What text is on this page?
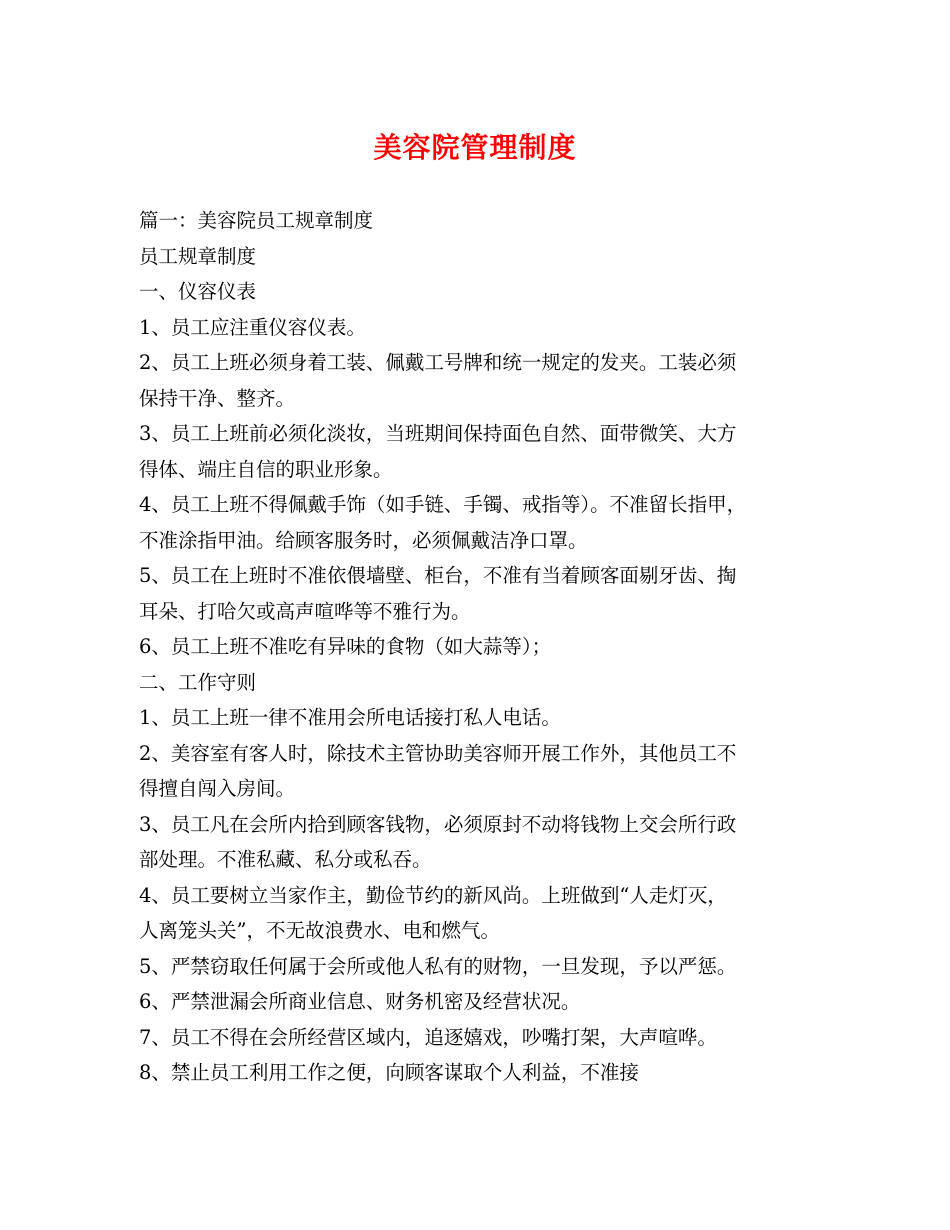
美容院管理制度
篇一：美容院员工规章制度
员工规章制度
一、仪容仪表
1、员工应注重仪容仪表。
2、员工上班必须身着工装、佩戴工号牌和统一规定的发夹。工装必须
保持干净、整齐。
3、员工上班前必须化淡妆，当班期间保持面色自然、面带微笑、大方
得体、端庄自信的职业形象。
4、员工上班不得佩戴手饰（如手链、手镯、戒指等）。不准留长指甲，
不准涂指甲油。给顾客服务时，必须佩戴洁净口罩。
5、员工在上班时不准依偎墙壁、柜台，不准有当着顾客面剔牙齿、掏
耳朵、打哈欠或高声喧哗等不雅行为。
6、员工上班不准吃有异味的食物（如大蒜等）；
二、工作守则
1、员工上班一律不准用会所电话接打私人电话。
2、美容室有客人时，除技术主管协助美容师开展工作外，其他员工不
得擅自闯入房间。
3、员工凡在会所内拾到顾客钱物，必须原封不动将钱物上交会所行政
部处理。不准私藏、私分或私吞。
4、员工要树立当家作主，勤俭节约的新风尚。上班做到“人走灯灭，
人离笼头关”，不无故浪费水、电和燃气。
5、严禁窃取任何属于会所或他人私有的财物，一旦发现，予以严惩。
6、严禁泄漏会所商业信息、财务机密及经营状况。
7、员工不得在会所经营区域内，追逐嬉戏，吵嘴打架，大声喧哗。
8、禁止员工利用工作之便，向顾客谋取个人利益，不准接
